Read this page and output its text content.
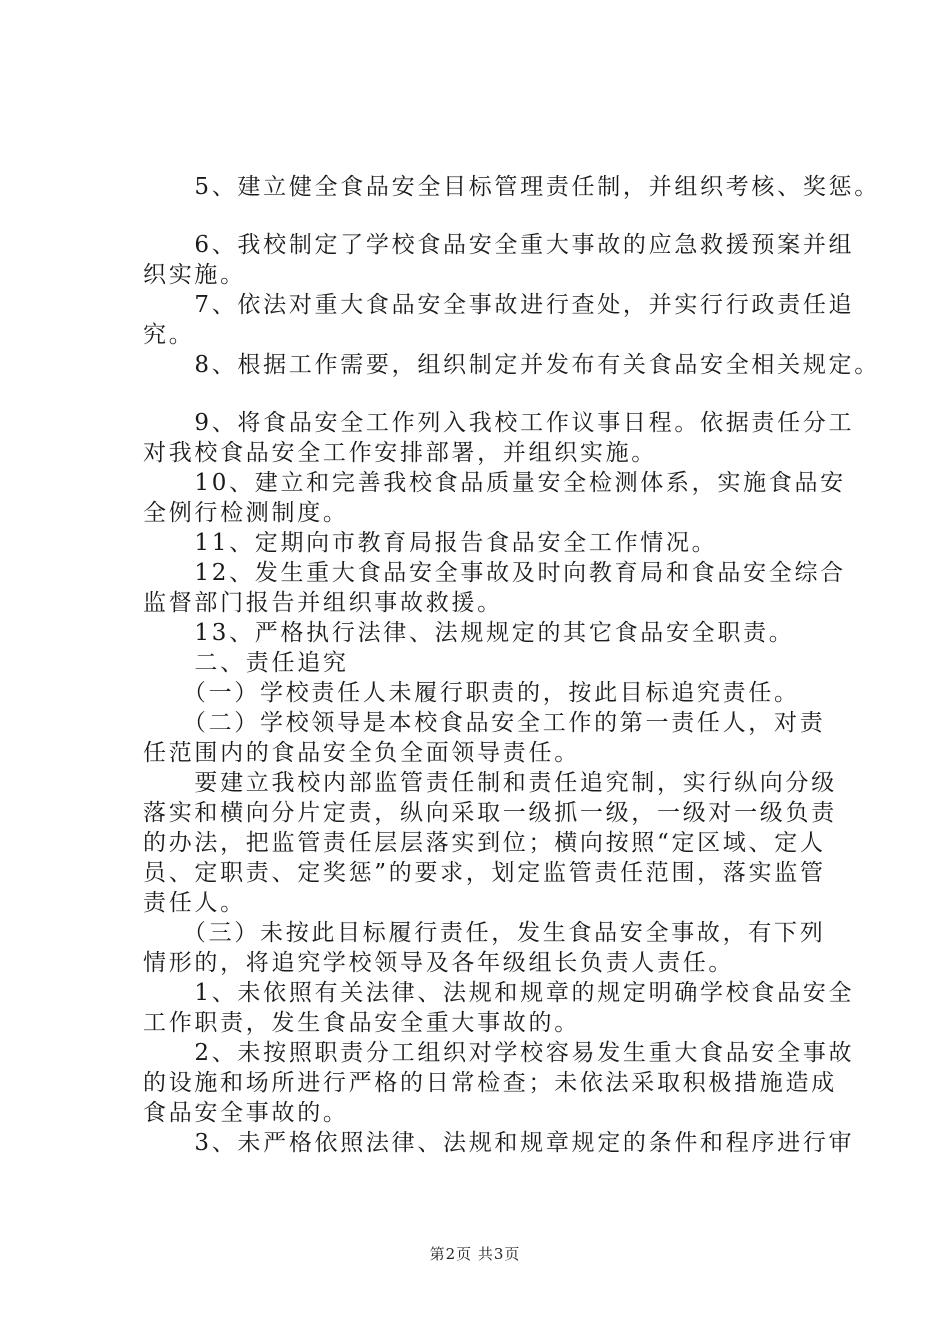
　　5、建立健全食品安全目标管理责任制，并组织考核、奖惩。

　　6、我校制定了学校食品安全重大事故的应急救援预案并组
织实施。

　　7、依法对重大食品安全事故进行查处，并实行行政责任追
究。

　　8、根据工作需要，组织制定并发布有关食品安全相关规定。

　　9、将食品安全工作列入我校工作议事日程。依据责任分工
对我校食品安全工作安排部署，并组织实施。

　　10、建立和完善我校食品质量安全检测体系，实施食品安
全例行检测制度。

　　11、定期向市教育局报告食品安全工作情况。

　　12、发生重大食品安全事故及时向教育局和食品安全综合
监督部门报告并组织事故救援。

　　13、严格执行法律、法规规定的其它食品安全职责。

　　二、责任追究

　　（一）学校责任人未履行职责的，按此目标追究责任。

　　（二）学校领导是本校食品安全工作的第一责任人，对责
任范围内的食品安全负全面领导责任。

　　要建立我校内部监管责任制和责任追究制，实行纵向分级
落实和横向分片定责，纵向采取一级抓一级，一级对一级负责
的办法，把监管责任层层落实到位；横向按照“定区域、定人
员、定职责、定奖惩”的要求，划定监管责任范围，落实监管
责任人。

　　（三）未按此目标履行责任，发生食品安全事故，有下列
情形的，将追究学校领导及各年级组长负责人责任。

　　1、未依照有关法律、法规和规章的规定明确学校食品安全
工作职责，发生食品安全重大事故的。

　　2、未按照职责分工组织对学校容易发生重大食品安全事故
的设施和场所进行严格的日常检查；未依法采取积极措施造成
食品安全事故的。

　　3、未严格依照法律、法规和规章规定的条件和程序进行审

第2页 共3页
